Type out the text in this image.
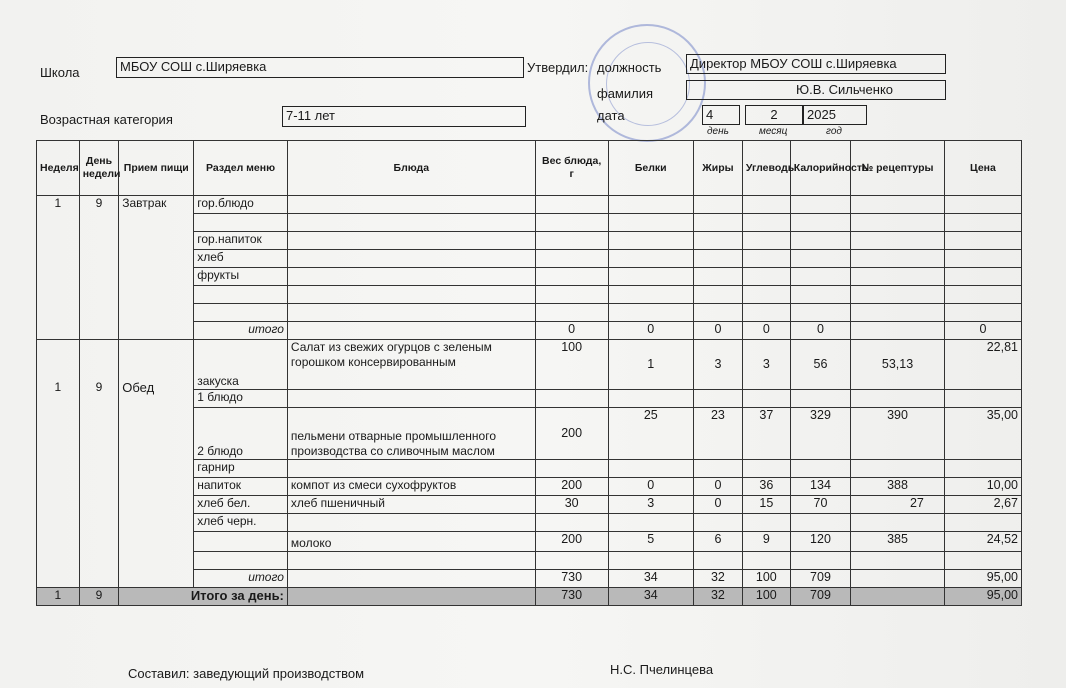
Школа	МБОУ СОШ с.Ширяевка
Возрастная категория	7-11 лет
Утвердил: должность	Директор МБОУ СОШ с.Ширяевка
фамилия	Ю.В. Сильченко
дата	4	2	2025
день	месяц	год
Неделя	День недели	Прием пищи	Раздел меню	Блюда	Вес блюда, г	Белки	Жиры	Углеводы	Калорийность	№ рецептуры	Цена
1	9	Завтрак	гор.блюдо								

			гор.напиток								
			хлеб								
			фрукты								

			итого		0	0	0	0	0		0
1	9	Обед	закуска	Салат из свежих огурцов с зеленым горошком консервированным	100	1	3	3	56	53,13	22,81
			1 блюдо								
			2 блюдо	пельмени отварные промышленного производства со сливочным маслом	200	25	23	37	329	390	35,00
			гарнир								
			напиток	компот из смеси сухофруктов	200	0	0	36	134	388	10,00
			хлеб бел.	хлеб пшеничный	30	3	0	15	70	27	2,67
			хлеб черн.								
				молоко	200	5	6	9	120	385	24,52

			итого		730	34	32	100	709		95,00
1	9	Итого за день:			730	34	32	100	709		95,00
Составил: заведующий производством	Н.С. Пчелинцева
